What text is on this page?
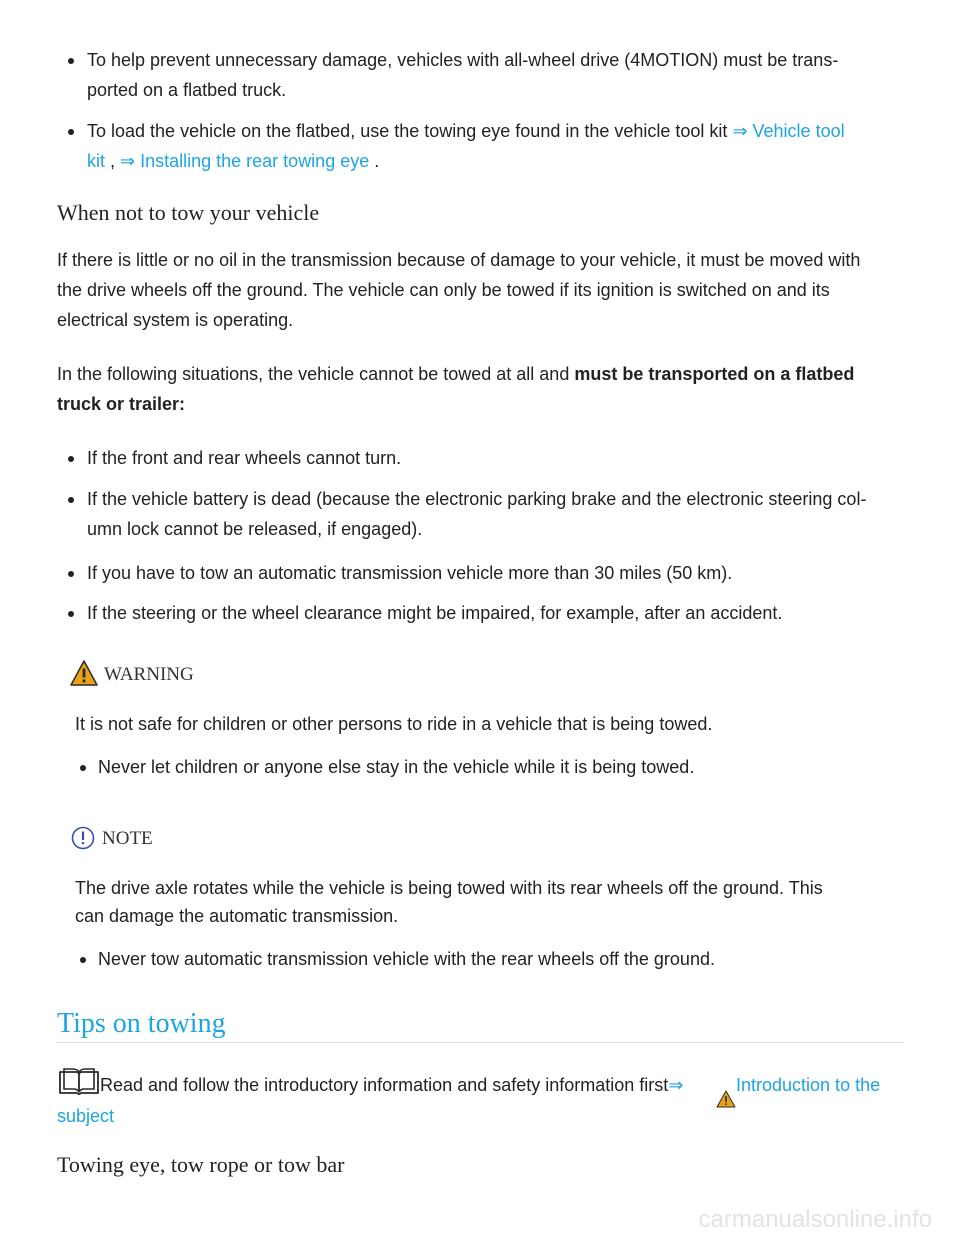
To help prevent unnecessary damage, vehicles with all-wheel drive (4MOTION) must be trans-
ported on a flatbed truck.
To load the vehicle on the flatbed, use the towing eye found in the vehicle tool kit ⇒ Vehicle tool
kit , ⇒ Installing the rear towing eye .
When not to tow your vehicle
If there is little or no oil in the transmission because of damage to your vehicle, it must be moved with
the drive wheels off the ground. The vehicle can only be towed if its ignition is switched on and its
electrical system is operating.
In the following situations, the vehicle cannot be towed at all and must be transported on a flatbed
truck or trailer:
If the front and rear wheels cannot turn.
If the vehicle battery is dead (because the electronic parking brake and the electronic steering col-
umn lock cannot be released, if engaged).
If you have to tow an automatic transmission vehicle more than 30 miles (50 km).
If the steering or the wheel clearance might be impaired, for example, after an accident.
WARNING
It is not safe for children or other persons to ride in a vehicle that is being towed.
Never let children or anyone else stay in the vehicle while it is being towed.
NOTE
The drive axle rotates while the vehicle is being towed with its rear wheels off the ground. This
can damage the automatic transmission.
Never tow automatic transmission vehicle with the rear wheels off the ground.
Tips on towing
Read and follow the introductory information and safety information first⇒	Introduction to the
subject
Towing eye, tow rope or tow bar
carmanualsonline.info
